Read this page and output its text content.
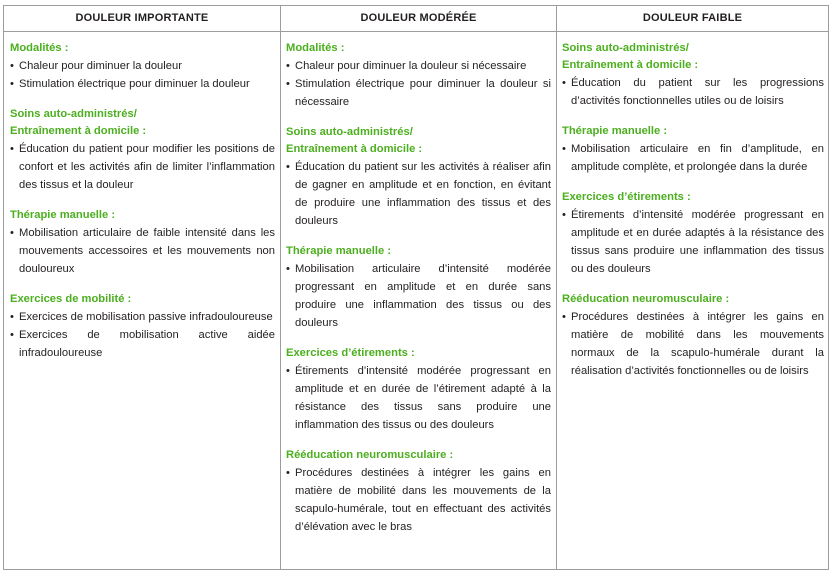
DOULEUR IMPORTANTE	DOULEUR MODÉRÉE	DOULEUR FAIBLE
Modalités :
• Chaleur pour diminuer la douleur
• Stimulation électrique pour diminuer la douleur
Soins auto-administrés/
Entraînement à domicile :
• Éducation du patient pour modifier les positions de confort et les activités afin de limiter l’inflammation des tissus et la douleur
Thérapie manuelle :
• Mobilisation articulaire de faible intensité dans les mouvements accessoires et les mouvements non douloureux
Exercices de mobilité :
• Exercices de mobilisation passive infradouloureuse
• Exercices de mobilisation active aidée infradouloureuse
Modalités :
• Chaleur pour diminuer la douleur si nécessaire
• Stimulation électrique pour diminuer la douleur si nécessaire
Soins auto-administrés/
Entraînement à domicile :
• Éducation du patient sur les activités à réaliser afin de gagner en amplitude et en fonction, en évitant de produire une inflammation des tissus et des douleurs
Thérapie manuelle :
• Mobilisation articulaire d’intensité modérée progressant en amplitude et en durée sans produire une inflammation des tissus ou des douleurs
Exercices d’étirements :
• Étirements d’intensité modérée progressant en amplitude et en durée de l’étirement adapté à la résistance des tissus sans produire une inflammation des tissus ou des douleurs
Rééducation neuromusculaire :
• Procédures destinées à intégrer les gains en matière de mobilité dans les mouvements de la scapulo-humérale, tout en effectuant des activités d’élévation avec le bras
Soins auto-administrés/
Entraînement à domicile :
• Éducation du patient sur les progressions d’activités fonctionnelles utiles ou de loisirs
Thérapie manuelle :
• Mobilisation articulaire en fin d’amplitude, en amplitude complète, et prolongée dans la durée
Exercices d’étirements :
• Étirements d’intensité modérée progressant en amplitude et en durée adaptés à la résistance des tissus sans produire une inflammation des tissus ou des douleurs
Rééducation neuromusculaire :
• Procédures destinées à intégrer les gains en matière de mobilité dans les mouvements normaux de la scapulo-humérale durant la réalisation d’activités fonctionnelles ou de loisirs
